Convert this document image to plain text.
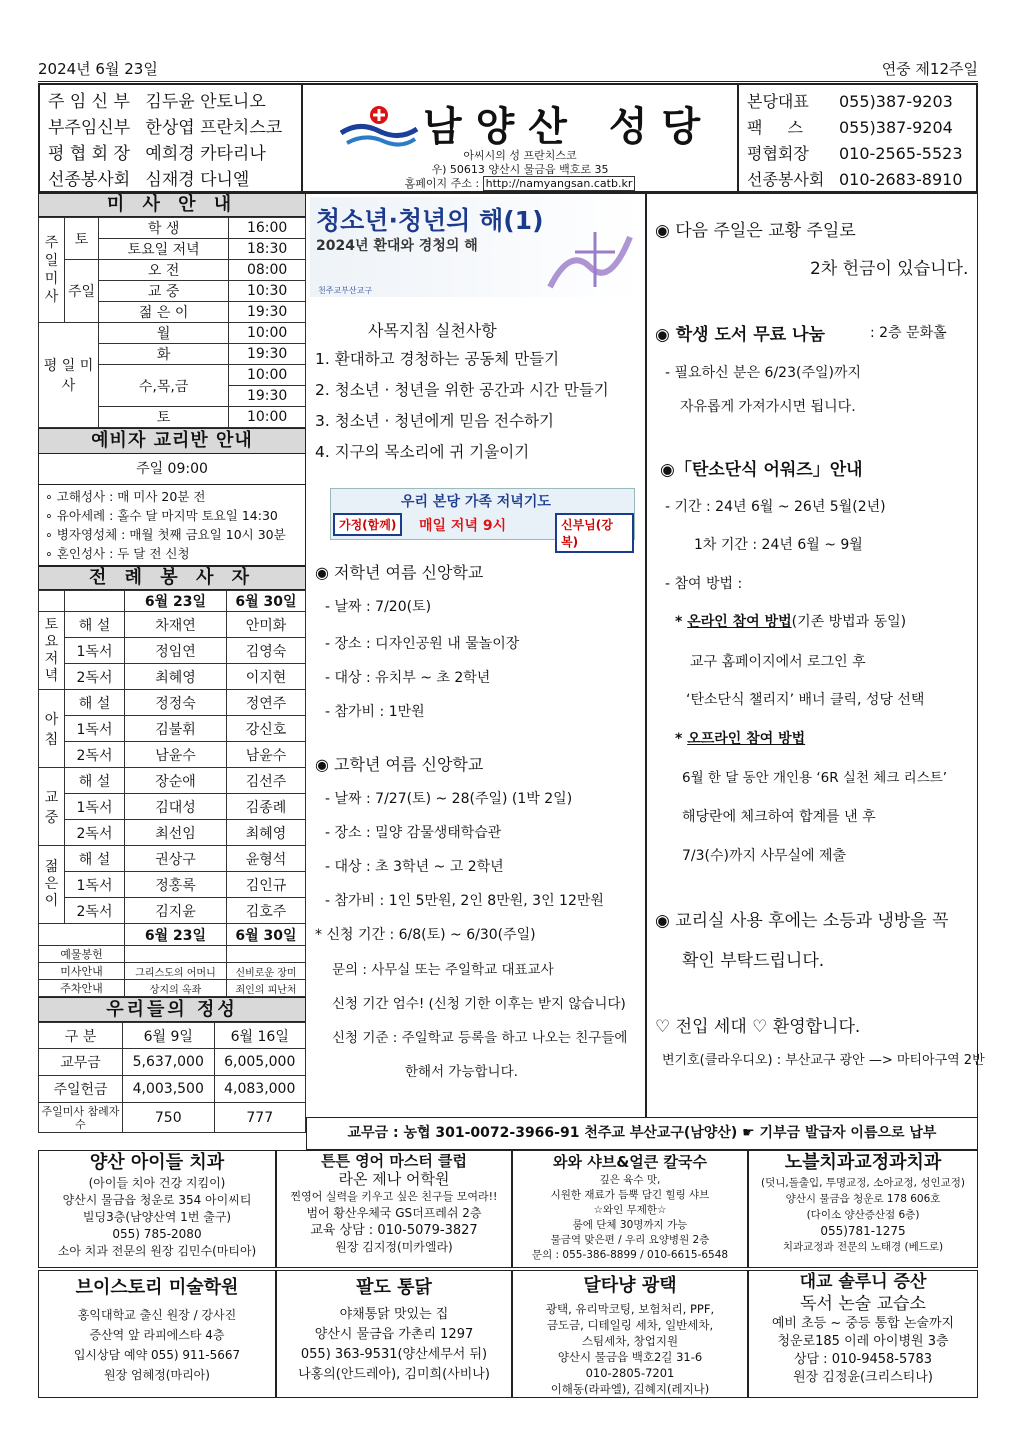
2024년 6월 23일	연중 제12주일
주 임 신 부 김두윤 안토니오
부주임신부 한상엽 프란치스코
평 협 회 장 예희경 카타리나
선종봉사회 심재경 다니엘
남양산 성당
아씨시의 성 프란치스코
우) 50613 양산시 물금읍 백호로 35
홈페이지 주소 : http://namyangsan.catb.kr
본당대표 055)387-9203
팩 스 055)387-9204
평협회장 010-2565-5523
선종봉사회 010-2683-8910
미 사 안 내
주일미사	토	학 생	16:00
		토요일 저녁	18:30
	주일	오 전	08:00
		교 중	10:30
		젊 은 이	19:30
평 일 미 사		월	10:00
		화	19:30
		수,목,금	10:00
			19:30
		토	10:00
예비자 교리반 안내
주일 09:00
∘ 고해성사 : 매 미사 20분 전
∘ 유아세례 : 홀수 달 마지막 토요일 14:30
∘ 병자영성체 : 매월 첫째 금요일 10시 30분
∘ 혼인성사 : 두 달 전 신청
전 례 봉 사 자
		6월 23일	6월 30일
토요저녁	해 설	차재연	안미화
	1독서	정임연	김영숙
	2독서	최혜영	이지현
아침	해 설	정정숙	정연주
	1독서	김불휘	강신호
	2독서	남윤수	남윤수
교중	해 설	장순애	김선주
	1독서	김대성	김종례
	2독서	최선임	최혜영
젊은이	해 설	권상구	윤형석
	1독서	정홍록	김인규
	2독서	김지윤	김호주
		6월 23일	6월 30일
예물봉헌			
미사안내		그리스도의 어머니	신비로운 장미
주차안내		상지의 옥좌	죄인의 피난처
우리들의 정성
구 분	6월 9일	6월 16일
교무금	5,637,000	6,005,000
주일헌금	4,003,500	4,083,000
주일미사 참례자수	750	777
청소년·청년의 해(1)
2024년 환대와 경청의 해
천주교부산교구
사목지침 실천사항
1. 환대하고 경청하는 공동체 만들기
2. 청소년 · 청년을 위한 공간과 시간 만들기
3. 청소년 · 청년에게 믿음 전수하기
4. 지구의 목소리에 귀 기울이기
우리 본당 가족 저녁기도
가정(함께)	매일 저녁 9시	신부님(강복)
◉ 저학년 여름 신앙학교
- 날짜 : 7/20(토)
- 장소 : 디자인공원 내 물놀이장
- 대상 : 유치부 ~ 초 2학년
- 참가비 : 1만원
◉ 고학년 여름 신앙학교
- 날짜 : 7/27(토) ~ 28(주일) (1박 2일)
- 장소 : 밀양 감물생태학습관
- 대상 : 초 3학년 ~ 고 2학년
- 참가비 : 1인 5만원, 2인 8만원, 3인 12만원
* 신청 기간 : 6/8(토) ~ 6/30(주일)
문의 : 사무실 또는 주일학교 대표교사
신청 기간 엄수! (신청 기한 이후는 받지 않습니다)
신청 기준 : 주일학교 등록을 하고 나오는 친구들에
한해서 가능합니다.
◉ 다음 주일은 교황 주일로
2차 헌금이 있습니다.
◉ 학생 도서 무료 나눔	: 2층 문화홀
- 필요하신 분은 6/23(주일)까지
자유롭게 가져가시면 됩니다.
◉「탄소단식 어워즈」안내
- 기간 : 24년 6월 ~ 26년 5월(2년)
1차 기간 : 24년 6월 ~ 9월
- 참여 방법 :
* 온라인 참여 방법(기존 방법과 동일)
교구 홈페이지에서 로그인 후
‘탄소단식 챌리지’ 배너 클릭, 성당 선택
* 오프라인 참여 방법
6월 한 달 동안 개인용 ‘6R 실천 체크 리스트’
해당란에 체크하여 합계를 낸 후
7/3(수)까지 사무실에 제출
◉ 교리실 사용 후에는 소등과 냉방을 꼭
확인 부탁드립니다.
♡ 전입 세대 ♡ 환영합니다.
변기호(클라우디오) : 부산교구 광안 —> 마티아구역 2반
교무금 : 농협 301-0072-3966-91 천주교 부산교구(남양산) ☛ 기부금 발급자 이름으로 납부
양산 아이들 치과
(아이들 치아 건강 지킴이)
양산시 물금읍 청운로 354 아이씨티
빌딩3층(남양산역 1번 출구)
055) 785-2080
소아 치과 전문의 원장 김민수(마티아)
튼튼 영어 마스터 클럽
라온 제나 어학원
찐영어 실력을 키우고 싶은 친구들 모여라!!
범어 황산우체국 GS더프레쉬 2층
교육 상담 : 010-5079-3827
원장 김지정(미카엘라)
와와 샤브&얼큰 칼국수
깊은 육수 맛,
시원한 재료가 듬뿍 담긴 힐링 샤브
☆와인 무제한☆
룸에 단체 30명까지 가능
물금역 맞은편 / 우리 요양병원 2층
문의 : 055-386-8899 / 010-6615-6548
노블치과교정과치과
(덧니,돌출입, 투명교정, 소아교정, 성인교정)
양산시 물금읍 청운로 178 606호
(다이소 양산증산점 6층)
055)781-1275
치과교정과 전문의 노태경 (베드로)
브이스토리 미술학원
홍익대학교 출신 원장 / 강사진
증산역 앞 라피에스타 4층
입시상담 예약 055) 911-5667
원장 엄혜정(마리아)
팔도 통닭
야채통닭 맛있는 집
양산시 물금읍 가촌리 1297
055) 363-9531(양산세무서 뒤)
나홍의(안드레아), 김미희(사비나)
달타냥 광택
광택, 유리막코팅, 보험처리, PPF,
금도금, 디테일링 세차, 일반세차,
스팀세차, 창업지원
양산시 물금읍 백호2길 31-6
010-2805-7201
이해동(라파엘), 김혜지(레지나)
대교 솔루니 증산
독서 논술 교습소
예비 초등 ~ 중등 통합 논술까지
청운로185 이레 아이병원 3층
상담 : 010-9458-5783
원장 김정윤(크리스티나)
